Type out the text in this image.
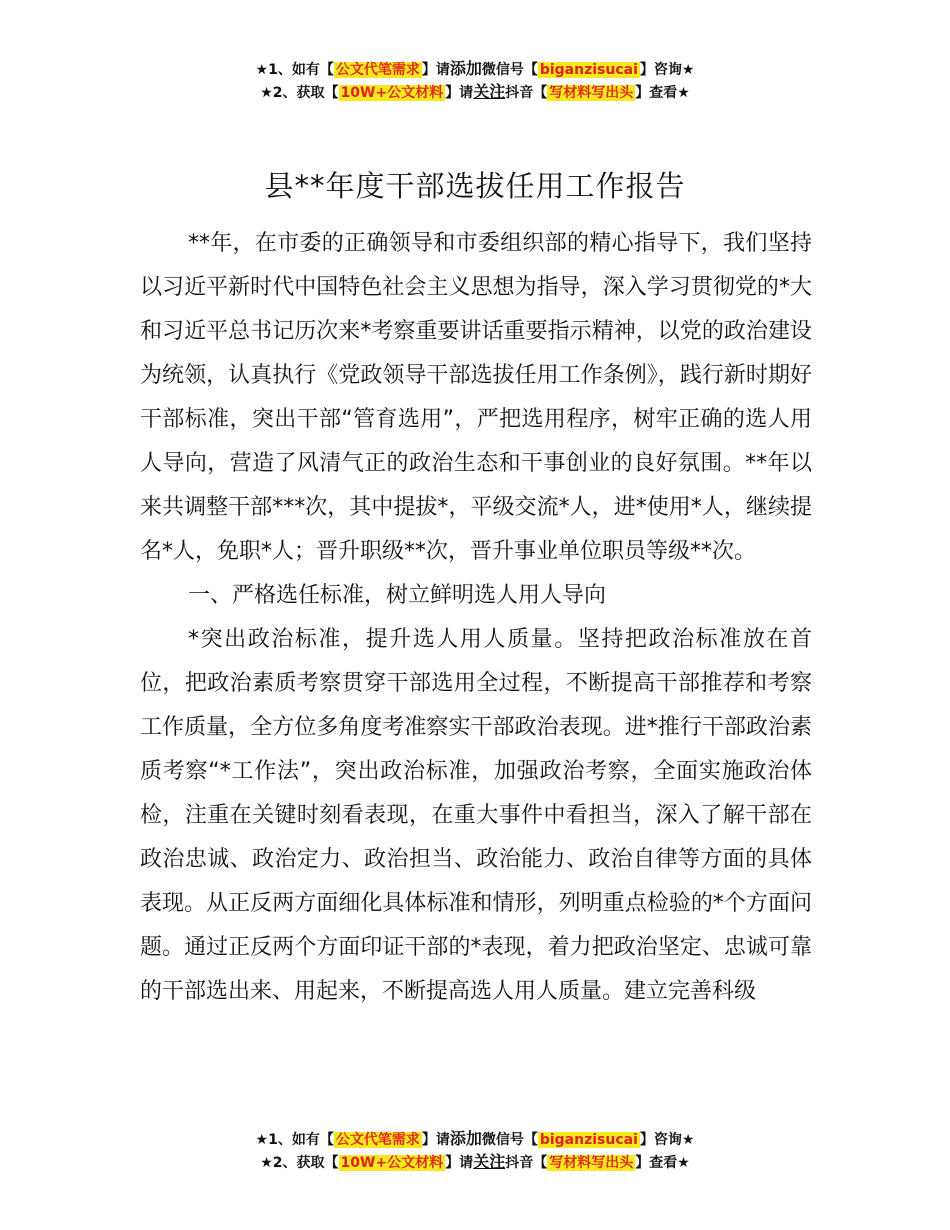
★1、如有【 公文代笔需求 】请添加微信号【 biganzisucai 】咨询★
★2、获取【 10W+公文材料 】请关注抖音【 写材料写出头 】查看★
县**年度干部选拔任用工作报告

**年，在市委的正确领导和市委组织部的精心指导下，我们坚持以习近平新时代中国特色社会主义思想为指导，深入学习贯彻党的*大和习近平总书记历次来*考察重要讲话重要指示精神，以党的政治建设为统领，认真执行《党政领导干部选拔任用工作条例》，践行新时期好干部标准，突出干部“管育选用”，严把选用程序，树牢正确的选人用人导向，营造了风清气正的政治生态和干事创业的良好氛围。**年以来共调整干部***次，其中提拔*，平级交流*人，进*使用*人，继续提名*人，免职*人；晋升职级**次，晋升事业单位职员等级**次。

一、严格选任标准，树立鲜明选人用人导向

*突出政治标准，提升选人用人质量。坚持把政治标准放在首位，把政治素质考察贯穿干部选用全过程，不断提高干部推荐和考察工作质量，全方位多角度考准察实干部政治表现。进*推行干部政治素质考察“*工作法”，突出政治标准，加强政治考察，全面实施政治体检，注重在关键时刻看表现，在重大事件中看担当，深入了解干部在政治忠诚、政治定力、政治担当、政治能力、政治自律等方面的具体表现。从正反两方面细化具体标准和情形，列明重点检验的*个方面问题。通过正反两个方面印证干部的*表现，着力把政治坚定、忠诚可靠的干部选出来、用起来，不断提高选人用人质量。建立完善科级

★1、如有【 公文代笔需求 】请添加微信号【 biganzisucai 】咨询★
★2、获取【 10W+公文材料 】请关注抖音【 写材料写出头 】查看★
